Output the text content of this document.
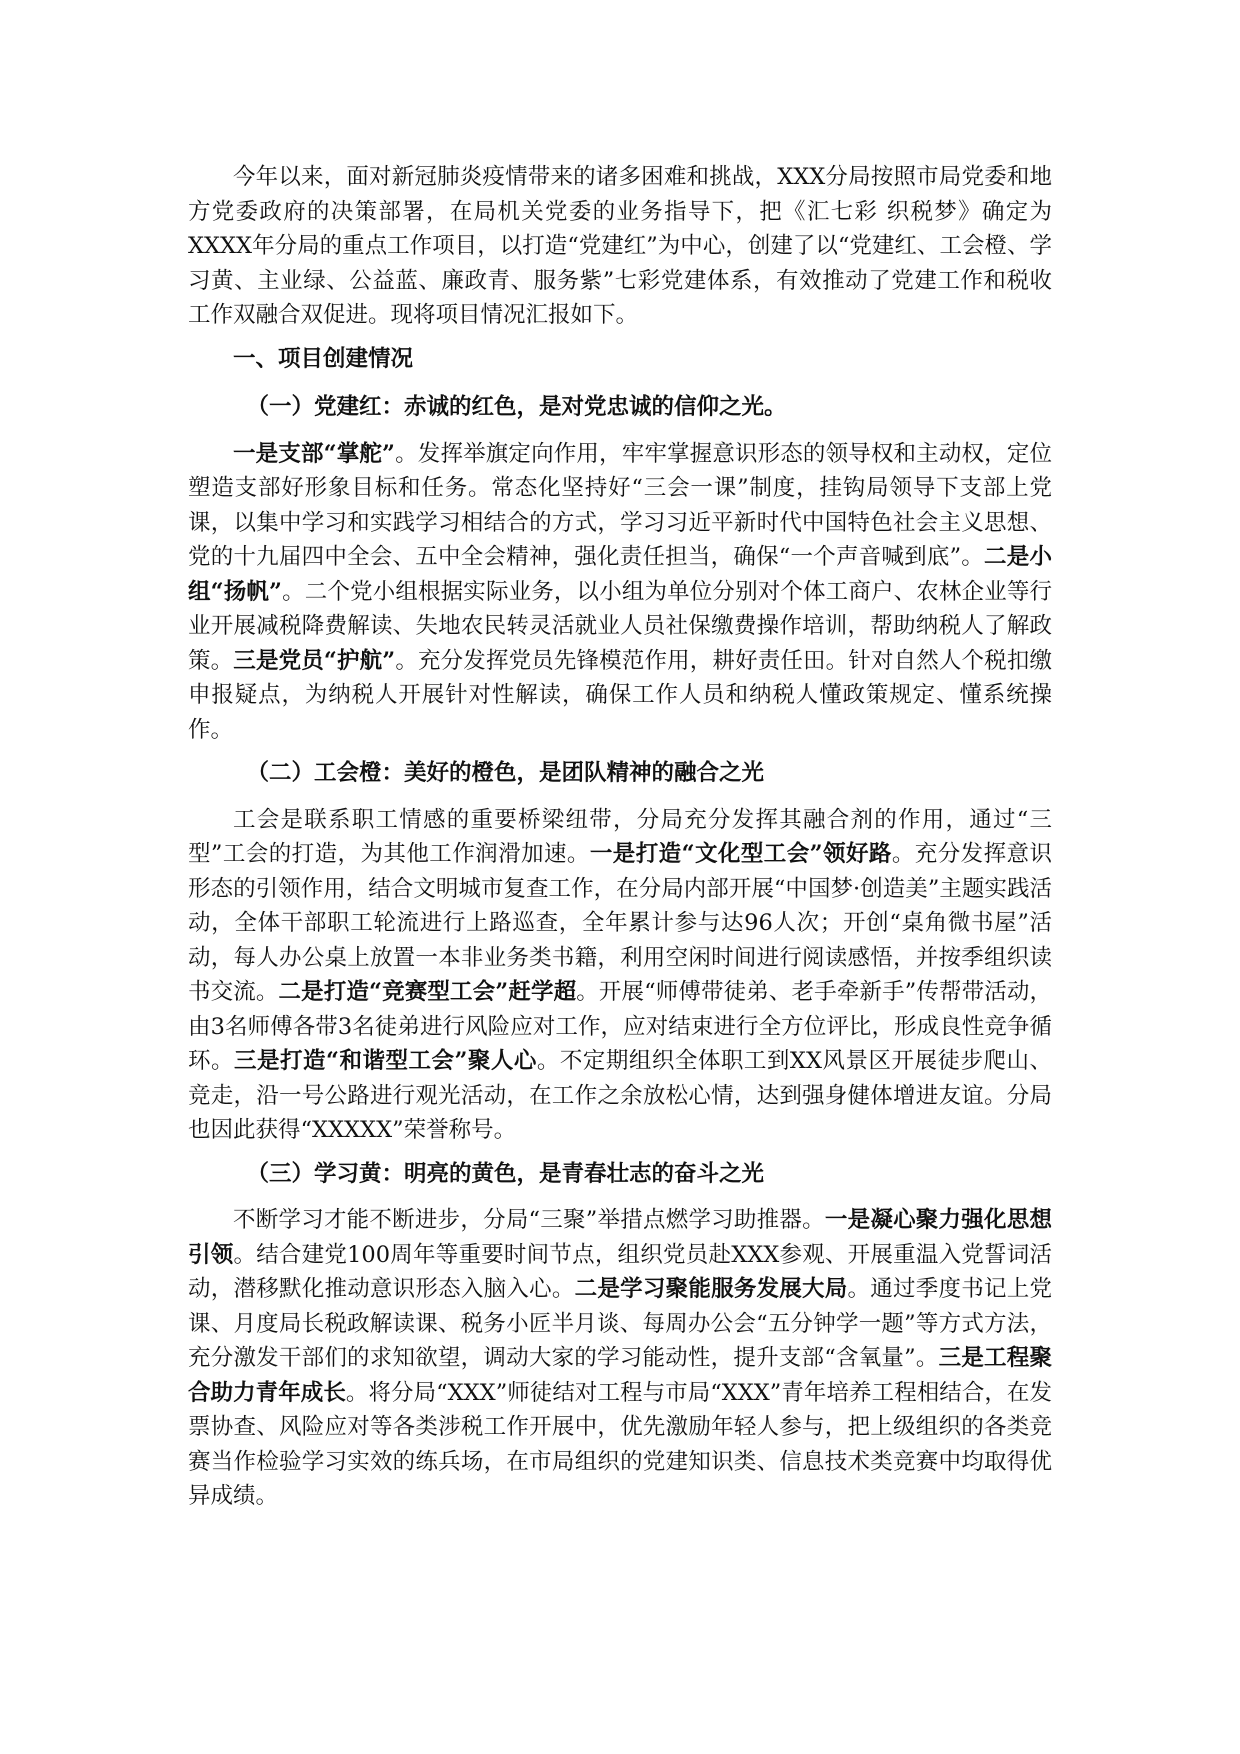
今年以来，面对新冠肺炎疫情带来的诸多困难和挑战，XXX分局按照市局党委和地方党委政府的决策部署，在局机关党委的业务指导下，把《汇七彩 织税梦》确定为XXXX年分局的重点工作项目，以打造“党建红”为中心，创建了以“党建红、工会橙、学习黄、主业绿、公益蓝、廉政青、服务紫”七彩党建体系，有效推动了党建工作和税收工作双融合双促进。现将项目情况汇报如下。

一、项目创建情况

（一）党建红：赤诚的红色，是对党忠诚的信仰之光。

一是支部“掌舵”。发挥举旗定向作用，牢牢掌握意识形态的领导权和主动权，定位塑造支部好形象目标和任务。常态化坚持好“三会一课”制度，挂钩局领导下支部上党课，以集中学习和实践学习相结合的方式，学习习近平新时代中国特色社会主义思想、党的十九届四中全会、五中全会精神，强化责任担当，确保“一个声音喊到底”。二是小组“扬帆”。二个党小组根据实际业务，以小组为单位分别对个体工商户、农林企业等行业开展减税降费解读、失地农民转灵活就业人员社保缴费操作培训，帮助纳税人了解政策。三是党员“护航”。充分发挥党员先锋模范作用，耕好责任田。针对自然人个税扣缴申报疑点，为纳税人开展针对性解读，确保工作人员和纳税人懂政策规定、懂系统操作。

（二）工会橙：美好的橙色，是团队精神的融合之光

工会是联系职工情感的重要桥梁纽带，分局充分发挥其融合剂的作用，通过“三型”工会的打造，为其他工作润滑加速。一是打造“文化型工会”领好路。充分发挥意识形态的引领作用，结合文明城市复查工作，在分局内部开展“中国梦·创造美”主题实践活动，全体干部职工轮流进行上路巡查，全年累计参与达96人次；开创“桌角微书屋”活动，每人办公桌上放置一本非业务类书籍，利用空闲时间进行阅读感悟，并按季组织读书交流。二是打造“竞赛型工会”赶学超。开展“师傅带徒弟、老手牵新手”传帮带活动，由3名师傅各带3名徒弟进行风险应对工作，应对结束进行全方位评比，形成良性竞争循环。三是打造“和谐型工会”聚人心。不定期组织全体职工到XX风景区开展徒步爬山、竞走，沿一号公路进行观光活动，在工作之余放松心情，达到强身健体增进友谊。分局也因此获得“XXXXX”荣誉称号。

（三）学习黄：明亮的黄色，是青春壮志的奋斗之光

不断学习才能不断进步，分局“三聚”举措点燃学习助推器。一是凝心聚力强化思想引领。结合建党100周年等重要时间节点，组织党员赴XXX参观、开展重温入党誓词活动，潜移默化推动意识形态入脑入心。二是学习聚能服务发展大局。通过季度书记上党课、月度局长税政解读课、税务小匠半月谈、每周办公会“五分钟学一题”等方式方法，充分激发干部们的求知欲望，调动大家的学习能动性，提升支部“含氧量”。三是工程聚合助力青年成长。将分局“XXX”师徒结对工程与市局“XXX”青年培养工程相结合，在发票协查、风险应对等各类涉税工作开展中，优先激励年轻人参与，把上级组织的各类竞赛当作检验学习实效的练兵场，在市局组织的党建知识类、信息技术类竞赛中均取得优异成绩。
